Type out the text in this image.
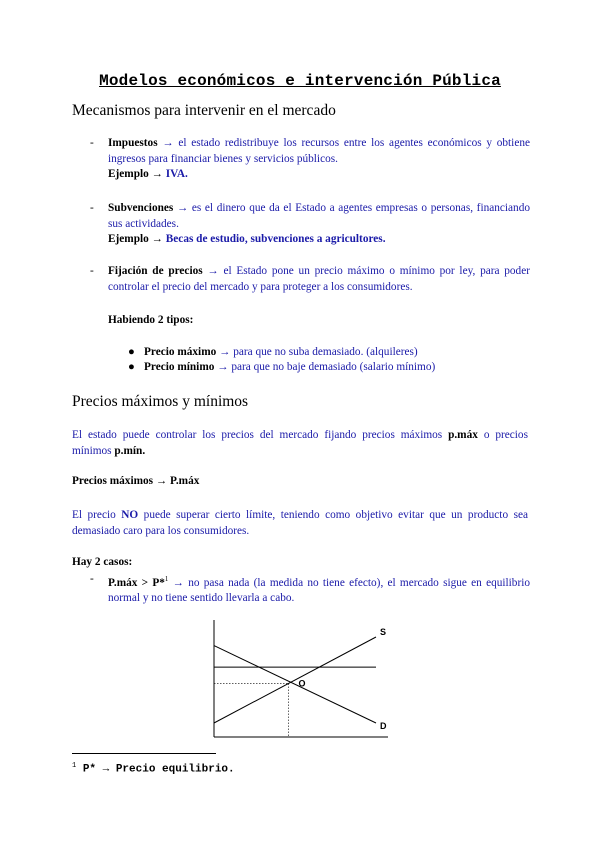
Modelos económicos e intervención Pública
Mecanismos para intervenir en el mercado
- Impuestos → el estado redistribuye los recursos entre los agentes económicos y obtiene ingresos para financiar bienes y servicios públicos.
Ejemplo → IVA.
- Subvenciones → es el dinero que da el Estado a agentes empresas o personas, financiando sus actividades.
Ejemplo → Becas de estudio, subvenciones a agricultores.
- Fijación de precios → el Estado pone un precio máximo o mínimo por ley, para poder controlar el precio del mercado y para proteger a los consumidores.
Habiendo 2 tipos:
● Precio máximo → para que no suba demasiado. (alquileres)
● Precio mínimo → para que no baje demasiado (salario mínimo)
Precios máximos y mínimos
El estado puede controlar los precios del mercado fijando precios máximos p.máx o precios mínimos p.mín.
Precios máximos → P.máx
El precio NO puede superar cierto límite, teniendo como objetivo evitar que un producto sea demasiado caro para los consumidores.
Hay 2 casos:
- P.máx > P*$^1$ → no pasa nada (la medida no tiene efecto), el mercado sigue en equilibrio normal y no tiene sentido llevarla a cabo.
S
D
O
$^1$ P* → Precio equilibrio.
